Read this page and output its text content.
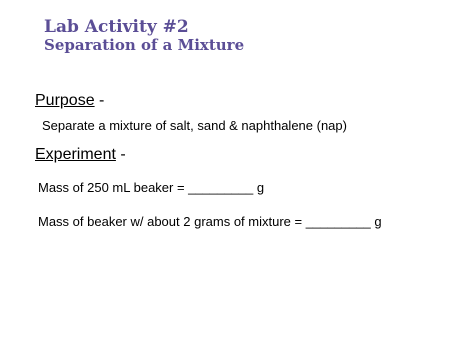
Lab Activity #2
Separation of a Mixture

Purpose -

Separate a mixture of salt, sand & naphthalene (nap)

Experiment -

Mass of 250 mL beaker = _________ g

Mass of beaker w/ about 2 grams of mixture = _________ g
